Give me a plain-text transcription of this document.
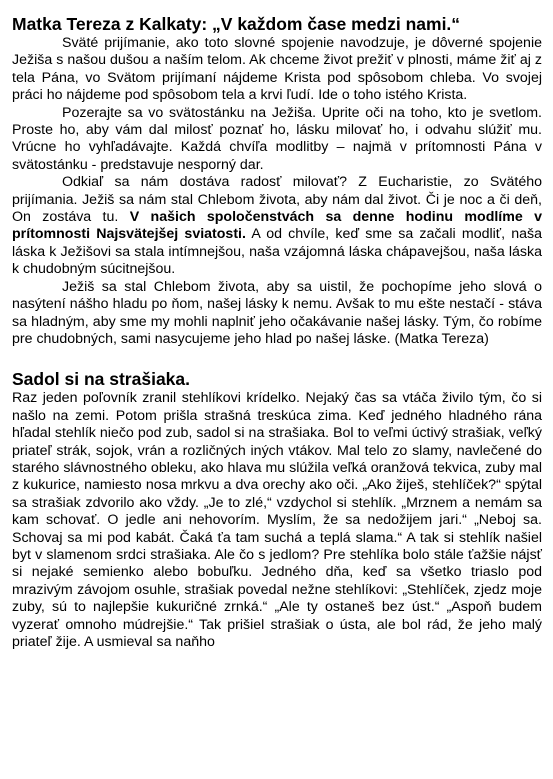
Matka Tereza z Kalkaty: „V každom čase medzi nami.“

Sväté prijímanie, ako toto slovné spojenie navodzuje, je dôverné spojenie Ježiša s našou dušou a naším telom. Ak chceme život prežiť v plnosti, máme žiť aj z tela Pána, vo Svätom prijímaní nájdeme Krista pod spôsobom chleba. Vo svojej práci ho nájdeme pod spôsobom tela a krvi ľudí. Ide o toho istého Krista.

Pozerajte sa vo svätostánku na Ježiša. Uprite oči na toho, kto je svetlom. Proste ho, aby vám dal milosť poznať ho, lásku milovať ho, i odvahu slúžiť mu. Vrúcne ho vyhľadávajte. Každá chvíľa modlitby – najmä v prítomnosti Pána v svätostánku - predstavuje nesporný dar.

Odkiaľ sa nám dostáva radosť milovať? Z Eucharistie, zo Svätého prijímania. Ježiš sa nám stal Chlebom života, aby nám dal život. Či je noc a či deň, On zostáva tu. V našich spoločenstvách sa denne hodinu modlíme v prítomnosti Najsvätejšej sviatosti. A od chvíle, keď sme sa začali modliť, naša láska k Ježišovi sa stala intímnejšou, naša vzájomná láska chápavejšou, naša láska k chudobným súcitnejšou.

Ježiš sa stal Chlebom života, aby sa uistil, že pochopíme jeho slová o nasýtení nášho hladu po ňom, našej lásky k nemu. Avšak to mu ešte nestačí - stáva sa hladným, aby sme my mohli naplniť jeho očakávanie našej lásky. Tým, čo robíme pre chudobných, sami nasycujeme jeho hlad po našej láske. (Matka Tereza)

Sadol si na strašiaka.

Raz jeden poľovník zranil stehlíkovi krídelko. Nejaký čas sa vtáča živilo tým, čo si našlo na zemi. Potom prišla strašná treskúca zima. Keď jedného hladného rána hľadal stehlík niečo pod zub, sadol si na strašiaka. Bol to veľmi úctivý strašiak, veľký priateľ strák, sojok, vrán a rozličných iných vtákov. Mal telo zo slamy, navlečené do starého slávnostného obleku, ako hlava mu slúžila veľká oranžová tekvica, zuby mal z kukurice, namiesto nosa mrkvu a dva orechy ako oči. „Ako žiješ, stehlíček?“ spýtal sa strašiak zdvorilo ako vždy. „Je to zlé,“ vzdychol si stehlík. „Mrznem a nemám sa kam schovať. O jedle ani nehovorím. Myslím, že sa nedožijem jari.“ „Neboj sa. Schovaj sa mi pod kabát. Čaká ťa tam suchá a teplá slama.“ A tak si stehlík našiel byt v slamenom srdci strašiaka. Ale čo s jedlom? Pre stehlíka bolo stále ťažšie nájsť si nejaké semienko alebo bobuľku. Jedného dňa, keď sa všetko triaslo pod mrazivým závojom osuhle, strašiak povedal nežne stehlíkovi: „Stehlíček, zjedz moje zuby, sú to najlepšie kukuričné zrnká.“ „Ale ty ostaneš bez úst.“ „Aspoň budem vyzerať omnoho múdrejšie.“ Tak prišiel strašiak o ústa, ale bol rád, že jeho malý priateľ žije. A usmieval sa naňho
